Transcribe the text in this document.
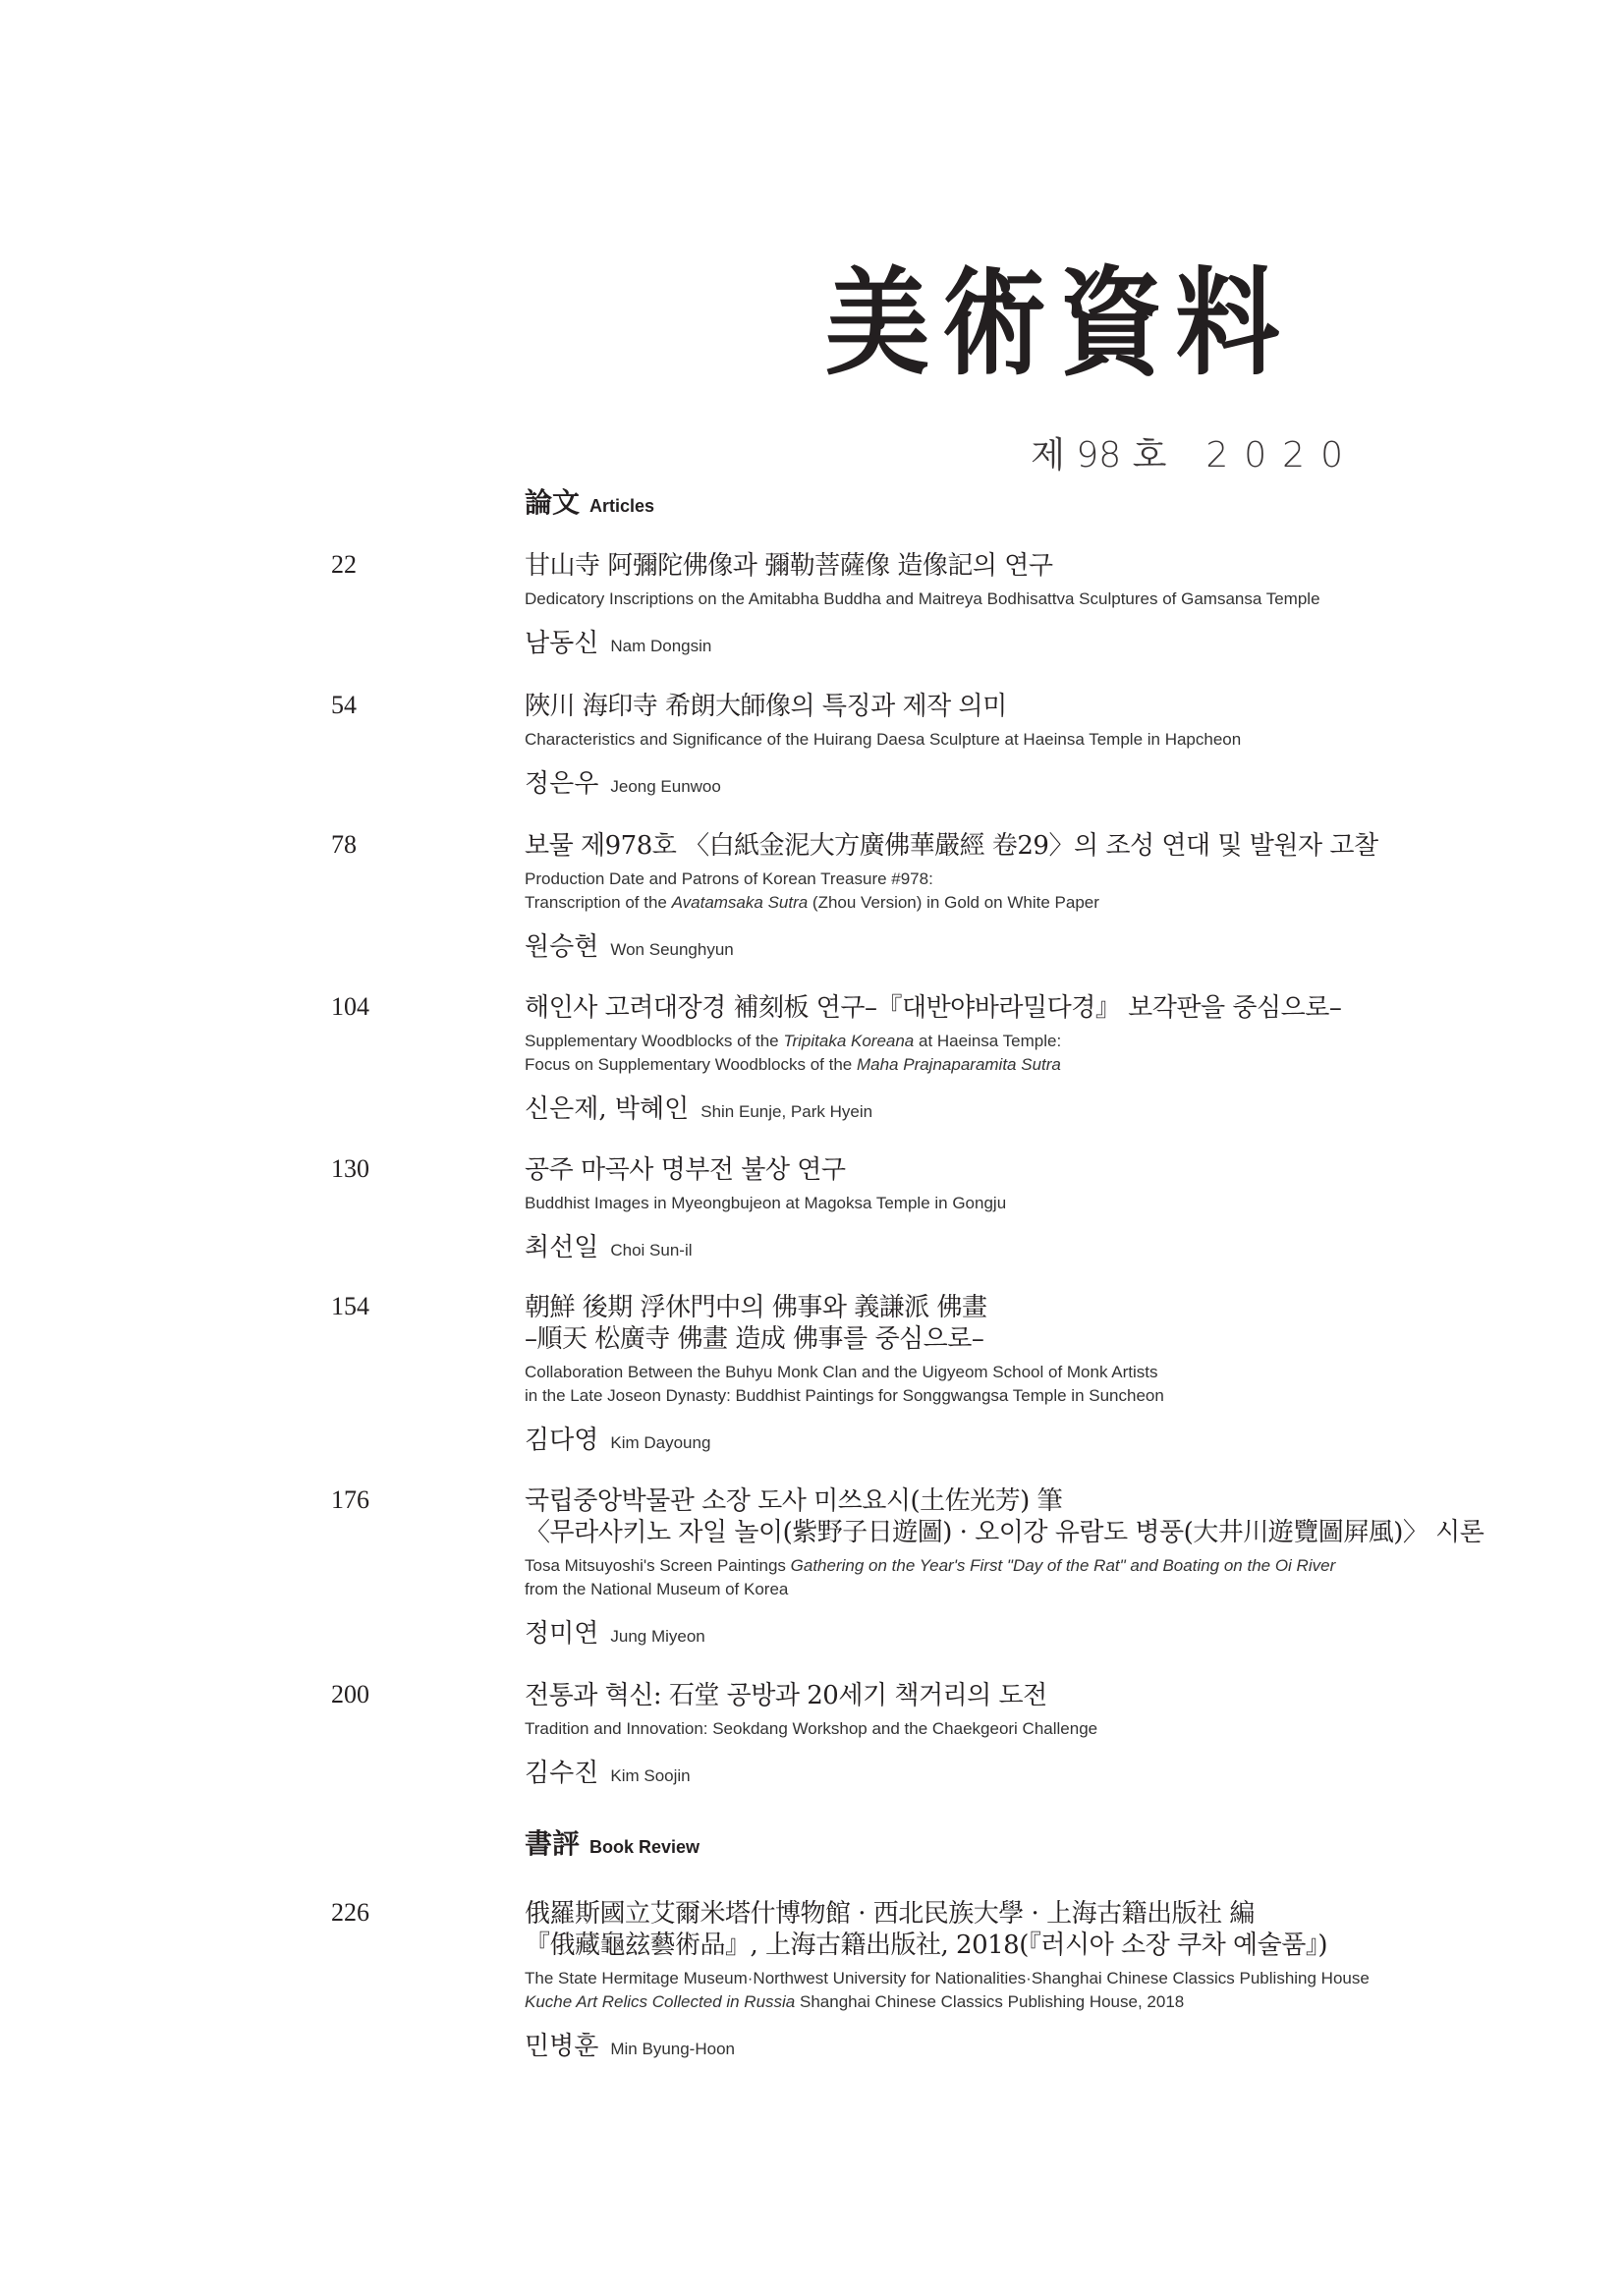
美術資料
제 98 호 2020
論文 Articles
22	甘山寺 阿彌陀佛像과 彌勒菩薩像 造像記의 연구
Dedicatory Inscriptions on the Amitabha Buddha and Maitreya Bodhisattva Sculptures of Gamsansa Temple
남동신 Nam Dongsin
54	陜川 海印寺 希朗大師像의 특징과 제작 의미
Characteristics and Significance of the Huirang Daesa Sculpture at Haeinsa Temple in Hapcheon
정은우 Jeong Eunwoo
78	보물 제978호 〈白紙金泥大方廣佛華嚴經 卷29〉의 조성 연대 및 발원자 고찰
Production Date and Patrons of Korean Treasure #978:
Transcription of the Avatamsaka Sutra (Zhou Version) in Gold on White Paper
원승현 Won Seunghyun
104	해인사 고려대장경 補刻板 연구–『대반야바라밀다경』 보각판을 중심으로–
Supplementary Woodblocks of the Tripitaka Koreana at Haeinsa Temple:
Focus on Supplementary Woodblocks of the Maha Prajnaparamita Sutra
신은제, 박혜인 Shin Eunje, Park Hyein
130	공주 마곡사 명부전 불상 연구
Buddhist Images in Myeongbujeon at Magoksa Temple in Gongju
최선일 Choi Sun-il
154	朝鮮 後期 浮休門中의 佛事와 義謙派 佛畫
–順天 松廣寺 佛畫 造成 佛事를 중심으로–
Collaboration Between the Buhyu Monk Clan and the Uigyeom School of Monk Artists
in the Late Joseon Dynasty: Buddhist Paintings for Songgwangsa Temple in Suncheon
김다영 Kim Dayoung
176	국립중앙박물관 소장 도사 미쓰요시(土佐光芳) 筆
〈무라사키노 자일 놀이(紫野子日遊圖) · 오이강 유람도 병풍(大井川遊覽圖屛風)〉 시론
Tosa Mitsuyoshi's Screen Paintings Gathering on the Year's First "Day of the Rat" and Boating on the Oi River
from the National Museum of Korea
정미연 Jung Miyeon
200	전통과 혁신: 石堂 공방과 20세기 책거리의 도전
Tradition and Innovation: Seokdang Workshop and the Chaekgeori Challenge
김수진 Kim Soojin
書評 Book Review
226	俄羅斯國立艾爾米塔什博物館 · 西北民族大學 · 上海古籍出版社 編
『俄藏龜玆藝術品』, 上海古籍出版社, 2018(『러시아 소장 쿠차 예술품』)
The State Hermitage Museum·Northwest University for Nationalities·Shanghai Chinese Classics Publishing House
Kuche Art Relics Collected in Russia Shanghai Chinese Classics Publishing House, 2018
민병훈 Min Byung-Hoon
